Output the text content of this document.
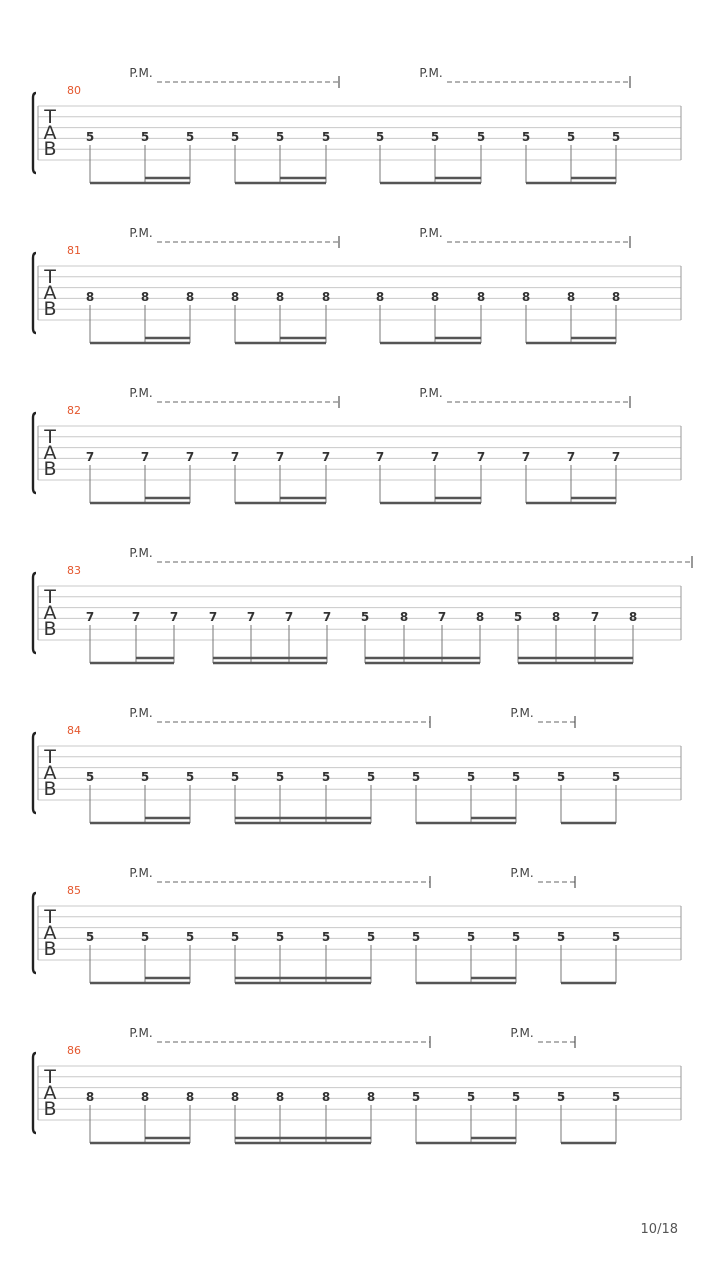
T
A
B
80
P.M.	P.M.
5	5	5	5	5	5	5	5	5	5	5	5
T
A
B
81
P.M.	P.M.
8	8	8	8	8	8	8	8	8	8	8	8
T
A
B
82
P.M.	P.M.
7	7	7	7	7	7	7	7	7	7	7	7
T
A
B
83
P.M.
7	7 7	7 7 7 7 5	8 7 8 5 8	7 8
T
A
B
84
P.M.	P.M.
5	5	5	5	5	5	5	5	5	5	5	5
T
A
B
85
P.M.	P.M.
5	5	5	5	5	5	5	5	5	5	5	5
T
A
B
86
P.M.	P.M.
8	8	8	8	8	8	8	5	5	5	5	5
10/18
